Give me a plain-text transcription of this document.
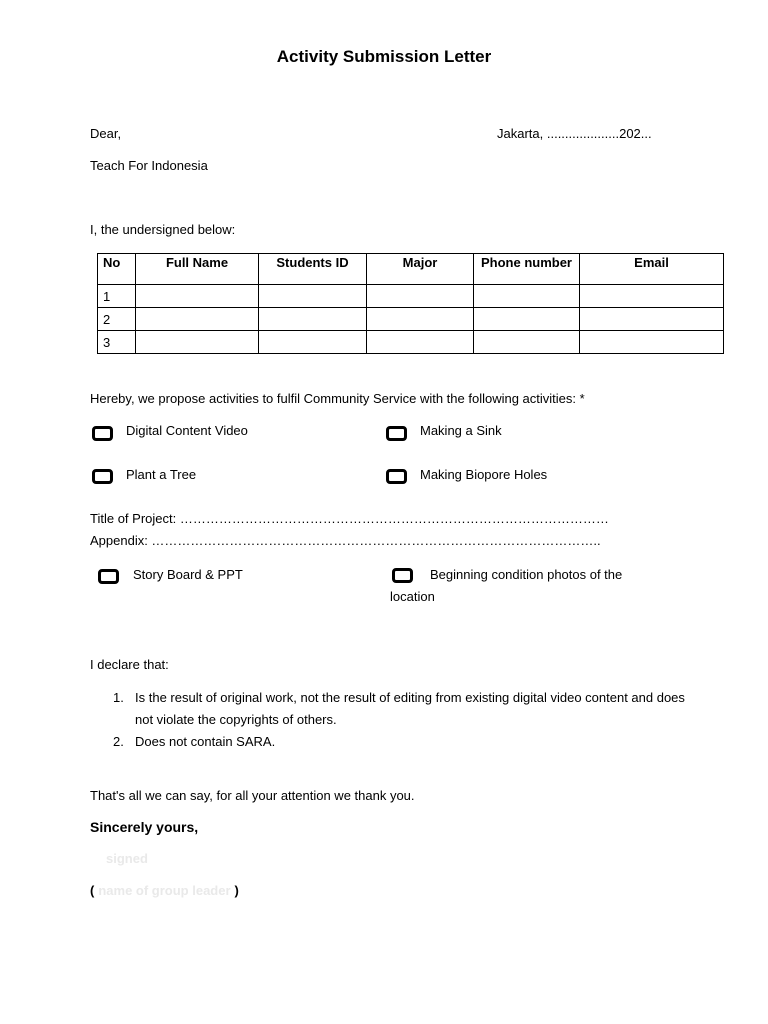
Activity Submission Letter
Dear,	Jakarta, ....................202...
Teach For Indonesia
I, the undersigned below:
No	Full Name	Students ID	Major	Phone number	Email
1					
2					
3					
Hereby, we propose activities to fulfil Community Service with the following activities: *
Digital Content Video	Making a Sink
Plant a Tree	Making Biopore Holes
Title of Project: ………………………………………………………………………………………
Appendix: …………………………………………………………………………………………..
Story Board & PPT	Beginning condition photos of the
location
I declare that:
1. Is the result of original work, not the result of editing from existing digital video content and does not violate the copyrights of others.
2. Does not contain SARA.
That's all we can say, for all your attention we thank you.
Sincerely yours,
signed
( name of group leader )
